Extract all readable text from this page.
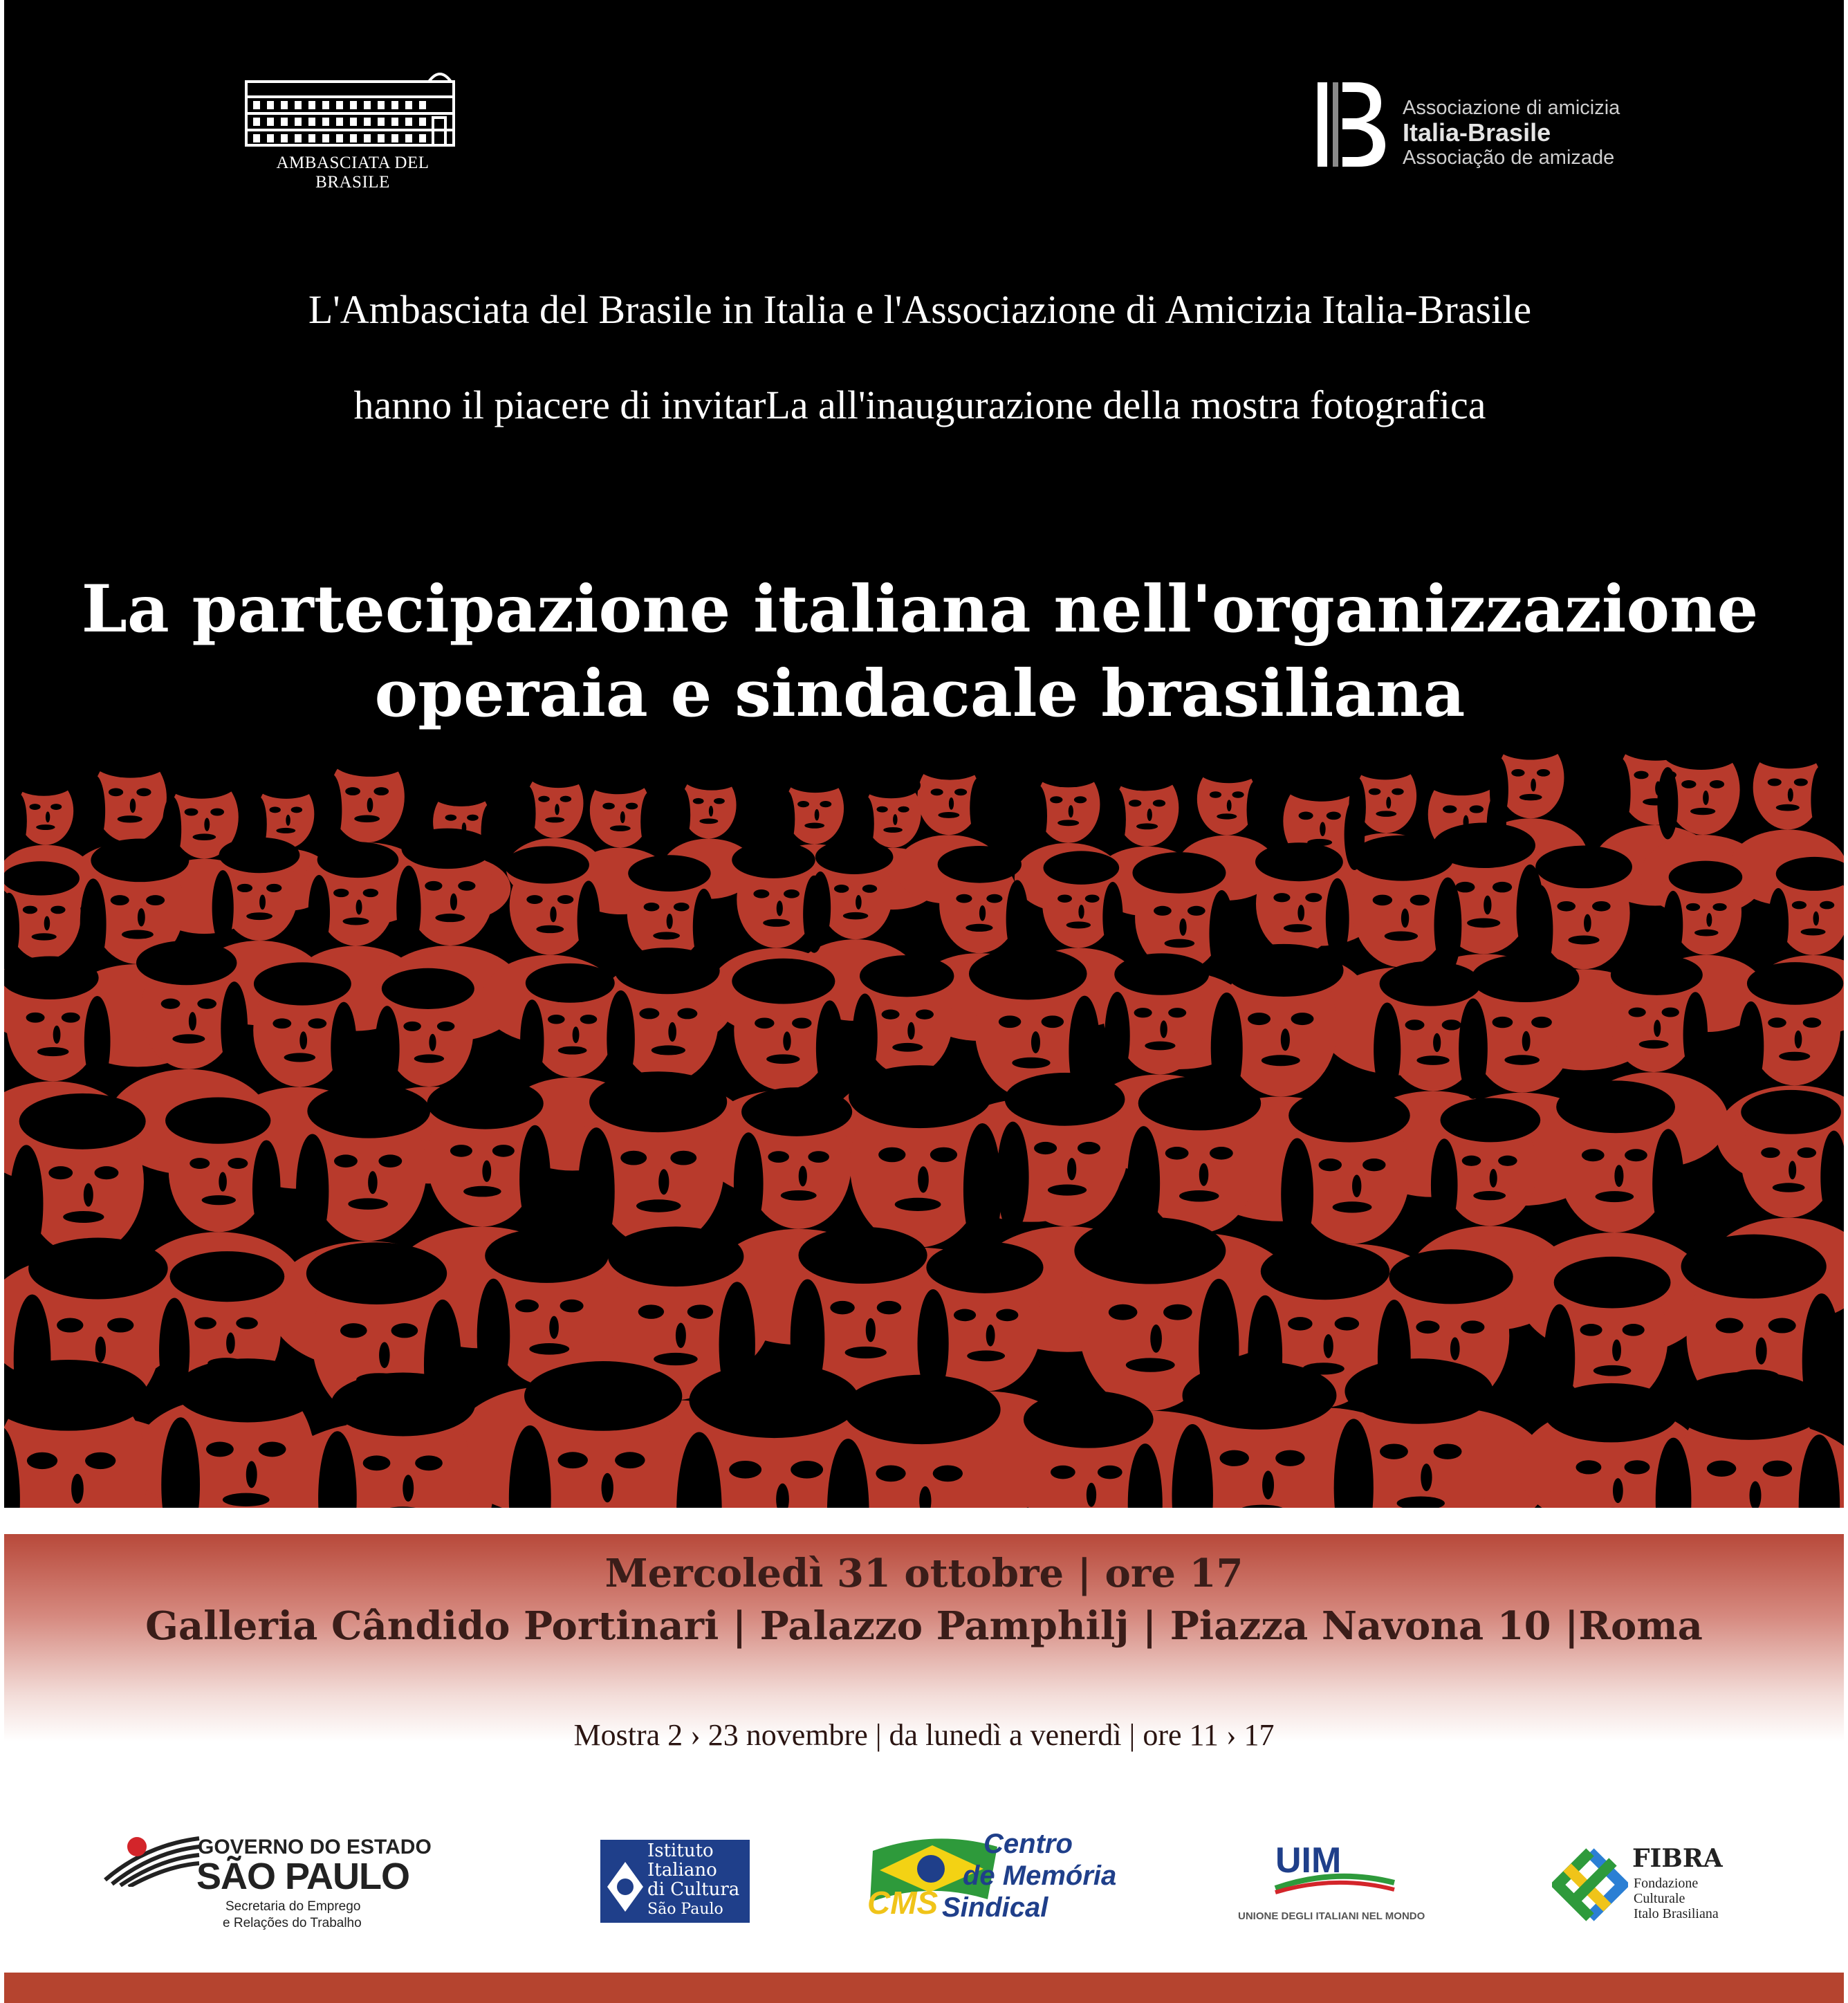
AMBASCIATA DEL BRASILE
Associazione di amicizia
Italia-Brasile
Associação de amizade
L'Ambasciata del Brasile in Italia e l'Associazione di Amicizia Italia-Brasile
hanno il piacere di invitarLa all'inaugurazione della mostra fotografica
La partecipazione italiana nell'organizzazione
operaia e sindacale brasiliana
Mercoledì 31 ottobre | ore 17
Galleria Cândido Portinari | Palazzo Pamphilj | Piazza Navona 10 |Roma
Mostra 2 › 23 novembre | da lunedì a venerdì | ore 11 › 17
GOVERNO DO ESTADO
SÃO PAULO
Secretaria do Emprego
e Relações do Trabalho
Istituto
Italiano
di Cultura
São Paulo	CMS
Centro
de Memória
Sindical
UIM
UNIONE DEGLI ITALIANI NEL MONDO
FIBRA
Fondazione
Culturale
Italo Brasiliana
